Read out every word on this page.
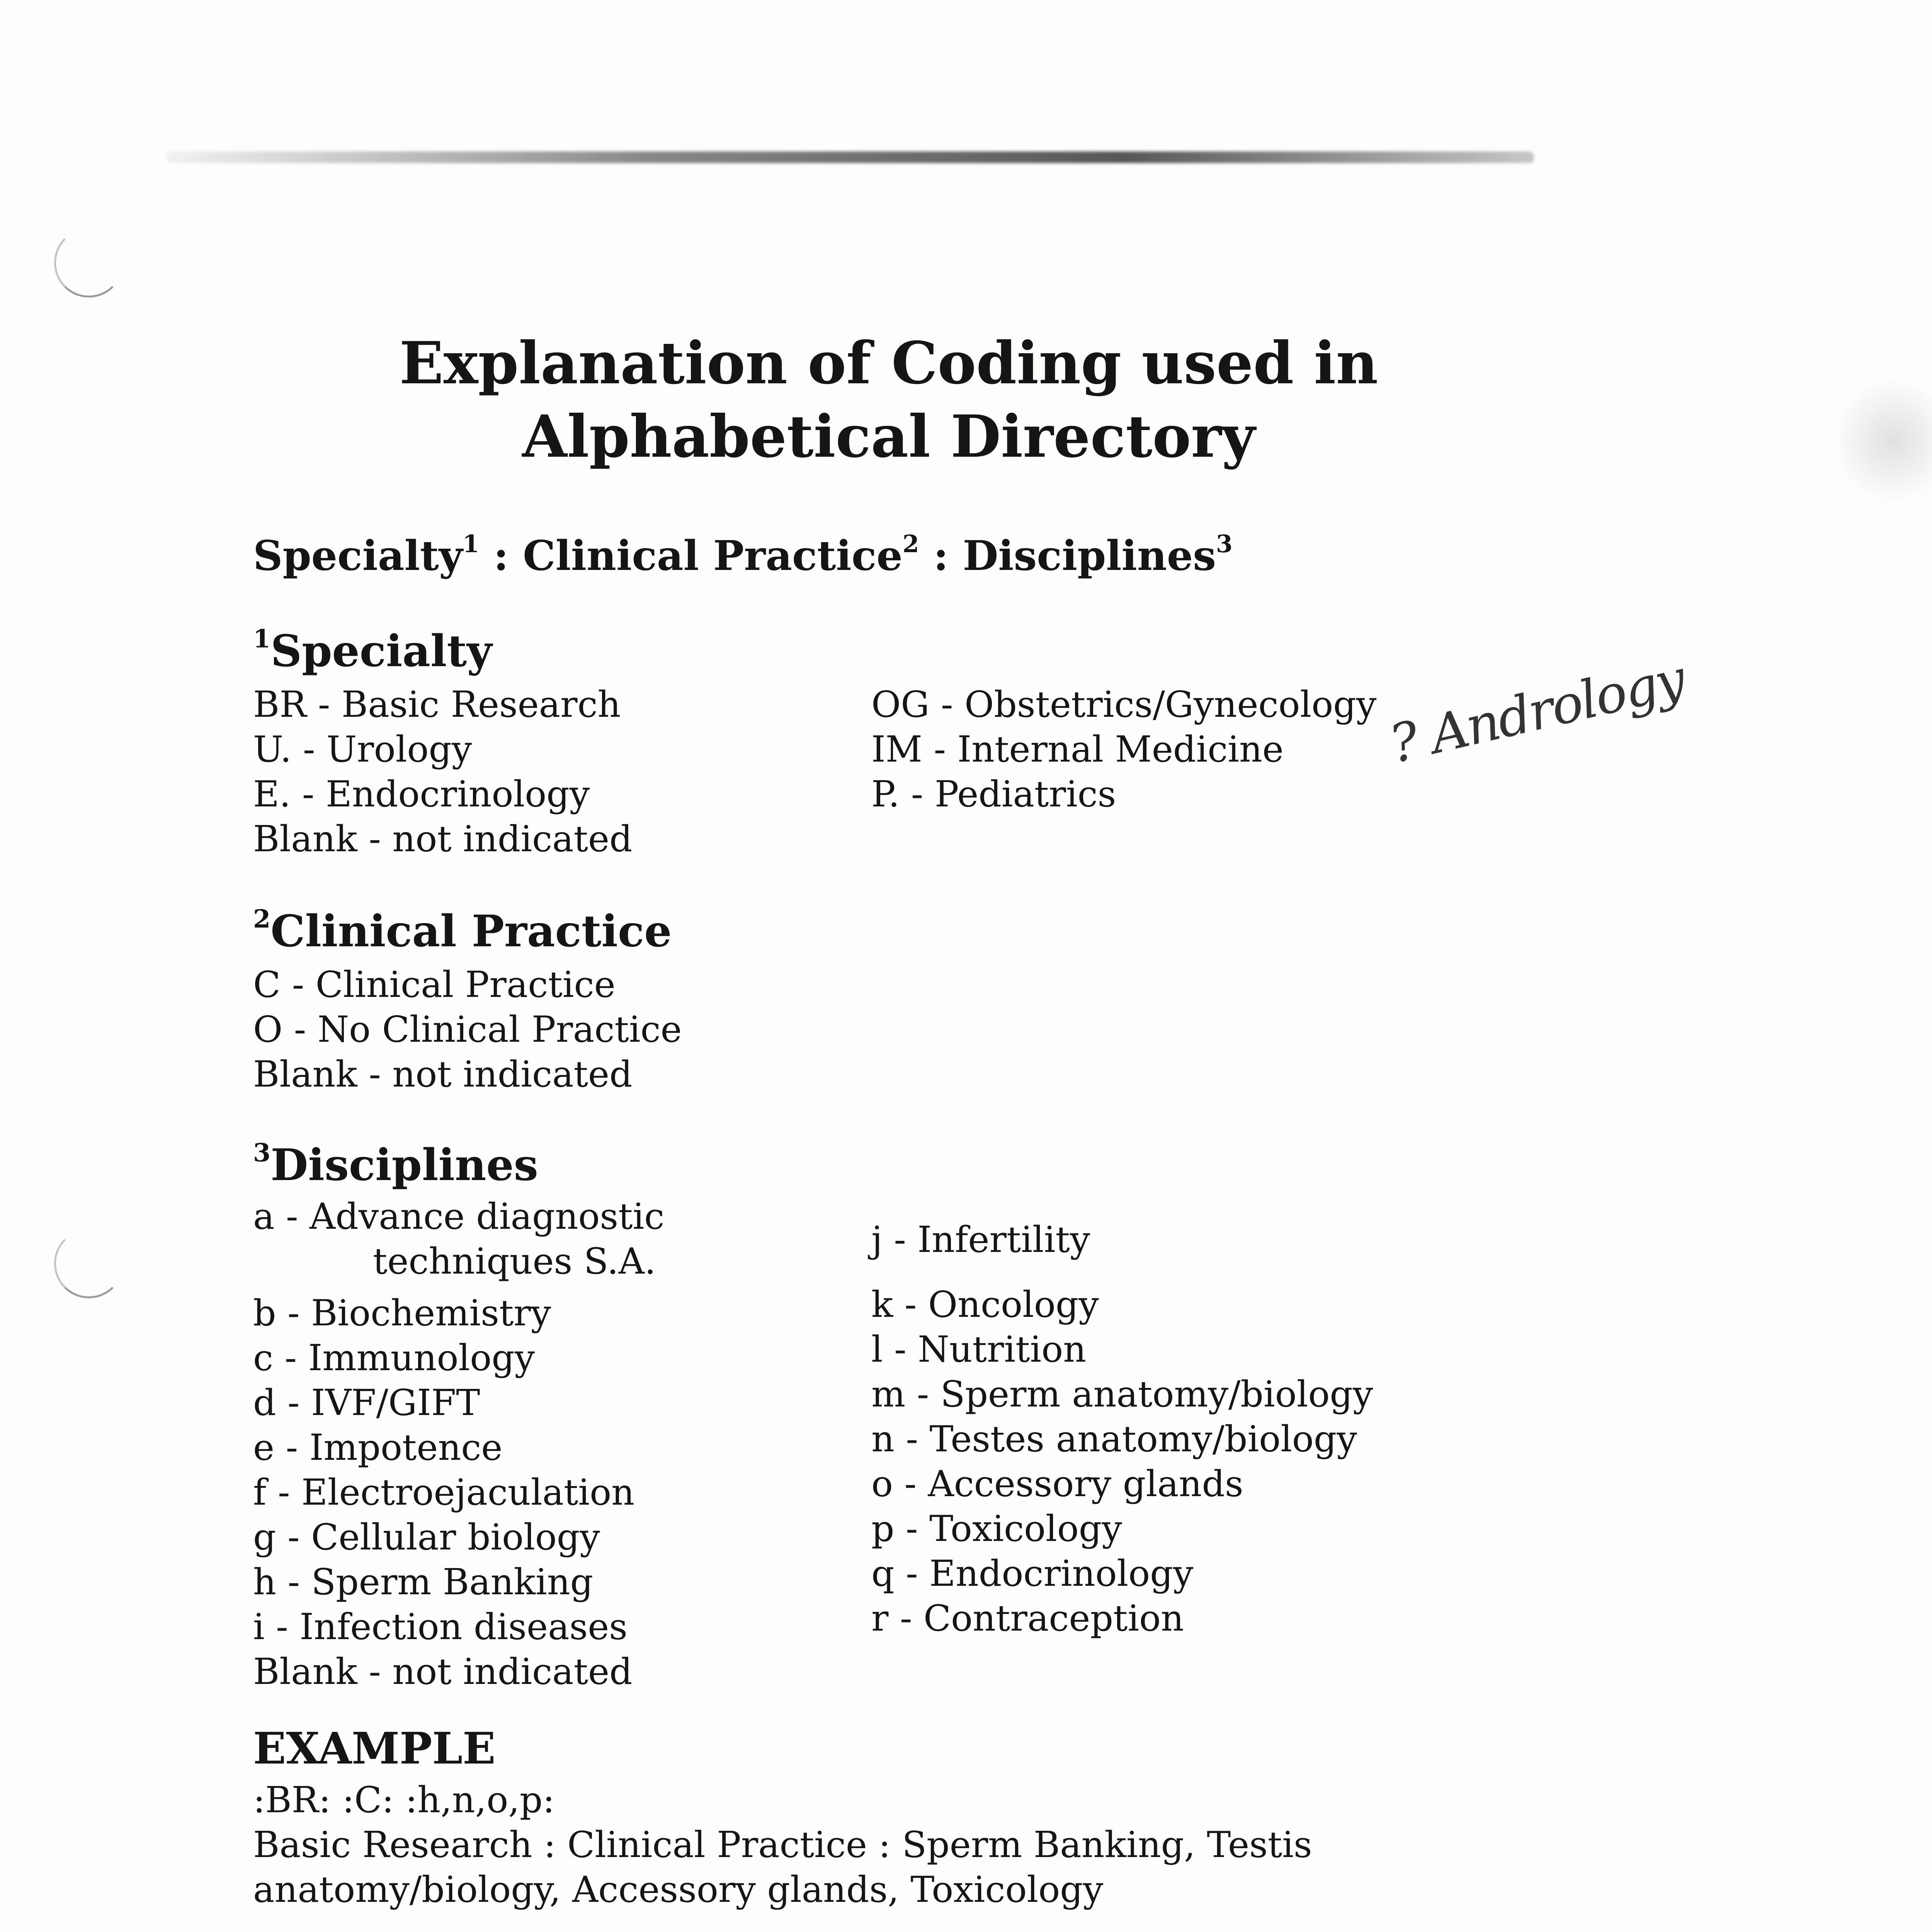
Explanation of Coding used in
Alphabetical Directory

Specialty$^1$ : Clinical Practice$^2$ : Disciplines$^3$

$^1$Specialty
BR - Basic Research
U. - Urology
E. - Endocrinology
Blank - not indicated
OG - Obstetrics/Gynecology
IM - Internal Medicine
P. - Pediatrics
? Andrology
$^2$Clinical Practice
C - Clinical Practice
O - No Clinical Practice
Blank - not indicated
$^3$Disciplines
a - Advance diagnostic
techniques S.A.
b - Biochemistry
c - Immunology
d - IVF/GIFT
e - Impotence
f - Electroejaculation
g - Cellular biology
h - Sperm Banking
i - Infection diseases
Blank - not indicated
j - Infertility
k - Oncology
l - Nutrition
m - Sperm anatomy/biology
n - Testes anatomy/biology
o - Accessory glands
p - Toxicology
q - Endocrinology
r - Contraception
EXAMPLE
:BR: :C: :h,n,o,p:
Basic Research : Clinical Practice : Sperm Banking, Testis
anatomy/biology, Accessory glands, Toxicology
